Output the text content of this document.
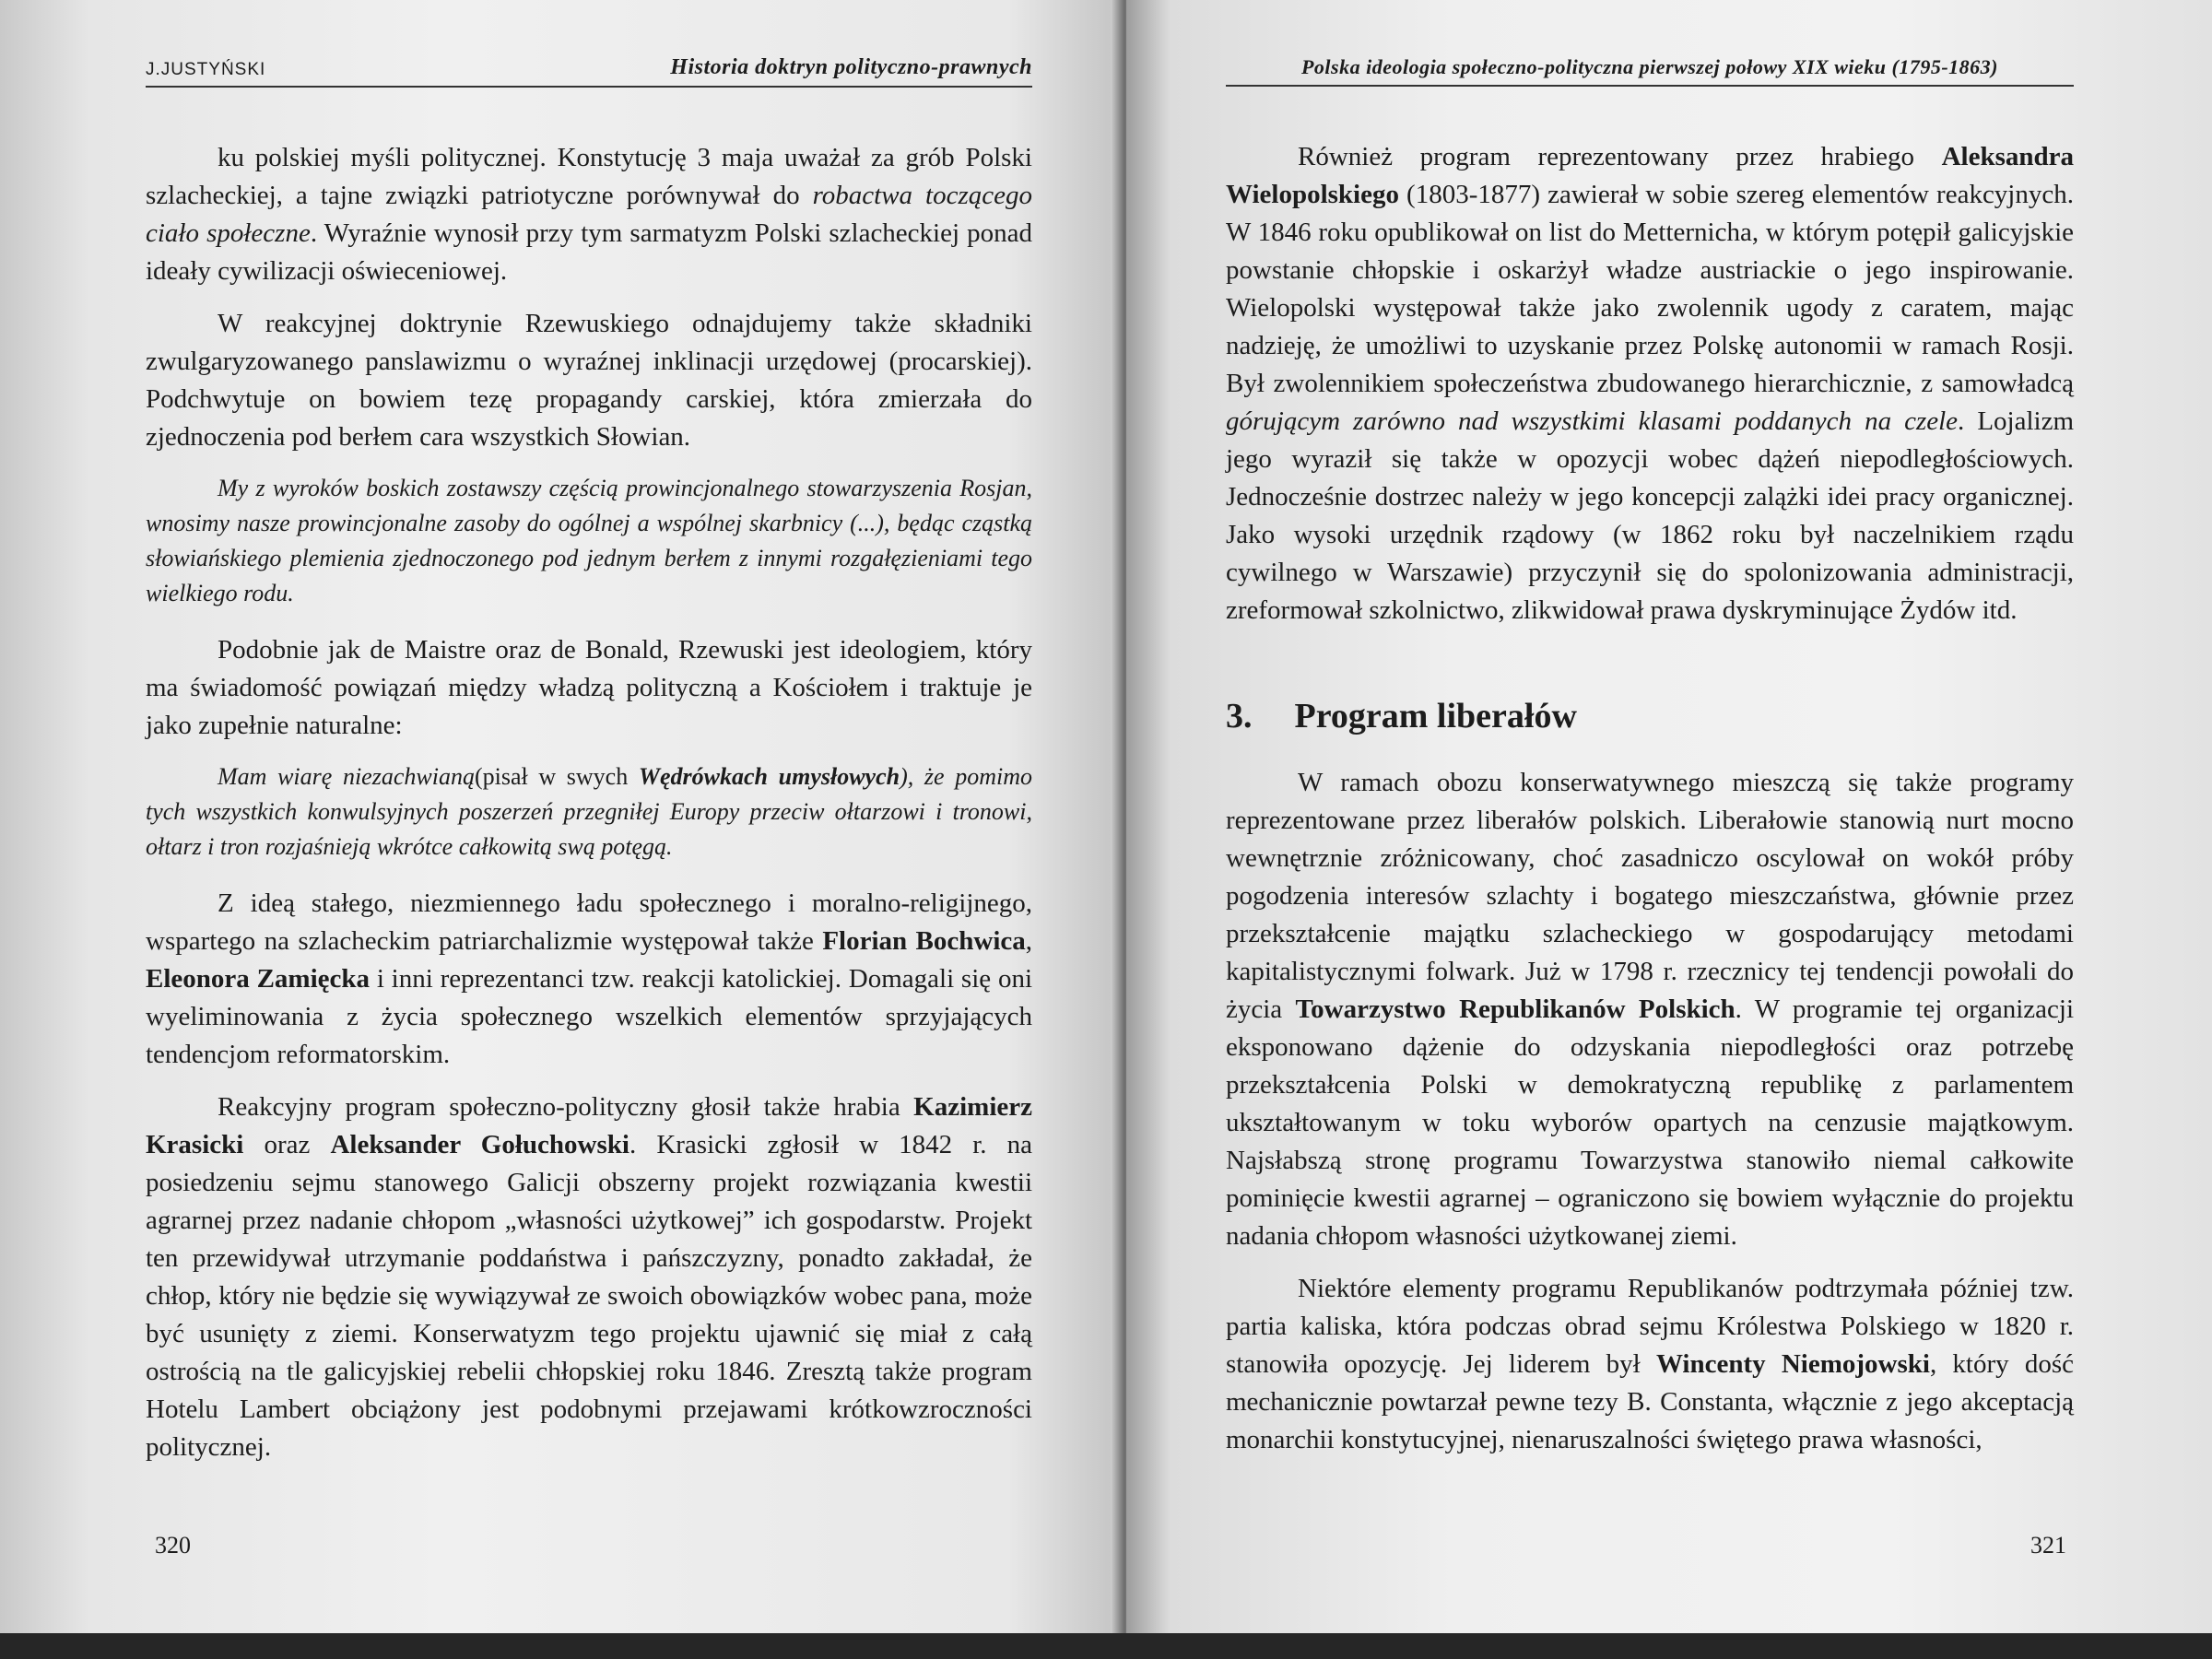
J.JUSTYŃSKI	Historia doktryn polityczno-prawnych

ku polskiej myśli politycznej. Konstytucję 3 maja uważał za grób Polski szlacheckiej, a tajne związki patriotyczne porównywał do robactwa toczącego ciało społeczne. Wyraźnie wynosił przy tym sarmatyzm Polski szlacheckiej ponad ideały cywilizacji oświeceniowej.

W reakcyjnej doktrynie Rzewuskiego odnajdujemy także składniki zwulgaryzowanego panslawizmu o wyraźnej inklinacji urzędowej (procarskiej). Podchwytuje on bowiem tezę propagandy carskiej, która zmierzała do zjednoczenia pod berłem cara wszystkich Słowian.

My z wyroków boskich zostawszy częścią prowincjonalnego stowarzyszenia Rosjan, wnosimy nasze prowincjonalne zasoby do ogólnej a wspólnej skarbnicy (...), będąc cząstką słowiańskiego plemienia zjednoczonego pod jednym berłem z innymi rozgałęzieniami tego wielkiego rodu.

Podobnie jak de Maistre oraz de Bonald, Rzewuski jest ideologiem, który ma świadomość powiązań między władzą polityczną a Kościołem i traktuje je jako zupełnie naturalne:

Mam wiarę niezachwianą(pisał w swych Wędrówkach umysłowych), że pomimo tych wszystkich konwulsyjnych poszerzeń przegniłej Europy przeciw ołtarzowi i tronowi, ołtarz i tron rozjaśnieją wkrótce całkowitą swą potęgą.

Z ideą stałego, niezmiennego ładu społecznego i moralno-religijnego, wspartego na szlacheckim patriarchalizmie występował także Florian Bochwica, Eleonora Zamięcka i inni reprezentanci tzw. reakcji katolickiej. Domagali się oni wyeliminowania z życia społecznego wszelkich elementów sprzyjających tendencjom reformatorskim.

Reakcyjny program społeczno-polityczny głosił także hrabia Kazimierz Krasicki oraz Aleksander Gołuchowski. Krasicki zgłosił w 1842 r. na posiedzeniu sejmu stanowego Galicji obszerny projekt rozwiązania kwestii agrarnej przez nadanie chłopom „własności użytkowej” ich gospodarstw. Projekt ten przewidywał utrzymanie poddaństwa i pańszczyzny, ponadto zakładał, że chłop, który nie będzie się wywiązywał ze swoich obowiązków wobec pana, może być usunięty z ziemi. Konserwatyzm tego projektu ujawnić się miał z całą ostrością na tle galicyjskiej rebelii chłopskiej roku 1846. Zresztą także program Hotelu Lambert obciążony jest podobnymi przejawami krótkowzroczności politycznej.

320
Polska ideologia społeczno-polityczna pierwszej połowy XIX wieku (1795-1863)

Również program reprezentowany przez hrabiego Aleksandra Wielopolskiego (1803-1877) zawierał w sobie szereg elementów reakcyjnych. W 1846 roku opublikował on list do Metternicha, w którym potępił galicyjskie powstanie chłopskie i oskarżył władze austriackie o jego inspirowanie. Wielopolski występował także jako zwolennik ugody z caratem, mając nadzieję, że umożliwi to uzyskanie przez Polskę autonomii w ramach Rosji. Był zwolennikiem społeczeństwa zbudowanego hierarchicznie, z samowładcą górującym zarówno nad wszystkimi klasami poddanych na czele. Lojalizm jego wyraził się także w opozycji wobec dążeń niepodległościowych. Jednocześnie dostrzec należy w jego koncepcji zalążki idei pracy organicznej. Jako wysoki urzędnik rządowy (w 1862 roku był naczelnikiem rządu cywilnego w Warszawie) przyczynił się do spolonizowania administracji, zreformował szkolnictwo, zlikwidował prawa dyskryminujące Żydów itd.

3. Program liberałów

W ramach obozu konserwatywnego mieszczą się także programy reprezentowane przez liberałów polskich. Liberałowie stanowią nurt mocno wewnętrznie zróżnicowany, choć zasadniczo oscylował on wokół próby pogodzenia interesów szlachty i bogatego mieszczaństwa, głównie przez przekształcenie majątku szlacheckiego w gospodarujący metodami kapitalistycznymi folwark. Już w 1798 r. rzecznicy tej tendencji powołali do życia Towarzystwo Republikanów Polskich. W programie tej organizacji eksponowano dążenie do odzyskania niepodległości oraz potrzebę przekształcenia Polski w demokratyczną republikę z parlamentem ukształtowanym w toku wyborów opartych na cenzusie majątkowym. Najsłabszą stronę programu Towarzystwa stanowiło niemal całkowite pominięcie kwestii agrarnej – ograniczono się bowiem wyłącznie do projektu nadania chłopom własności użytkowanej ziemi.

Niektóre elementy programu Republikanów podtrzymała później tzw. partia kaliska, która podczas obrad sejmu Królestwa Polskiego w 1820 r. stanowiła opozycję. Jej liderem był Wincenty Niemojowski, który dość mechanicznie powtarzał pewne tezy B. Constanta, włącznie z jego akceptacją monarchii konstytucyjnej, nienaruszalności świętego prawa własności,

321
